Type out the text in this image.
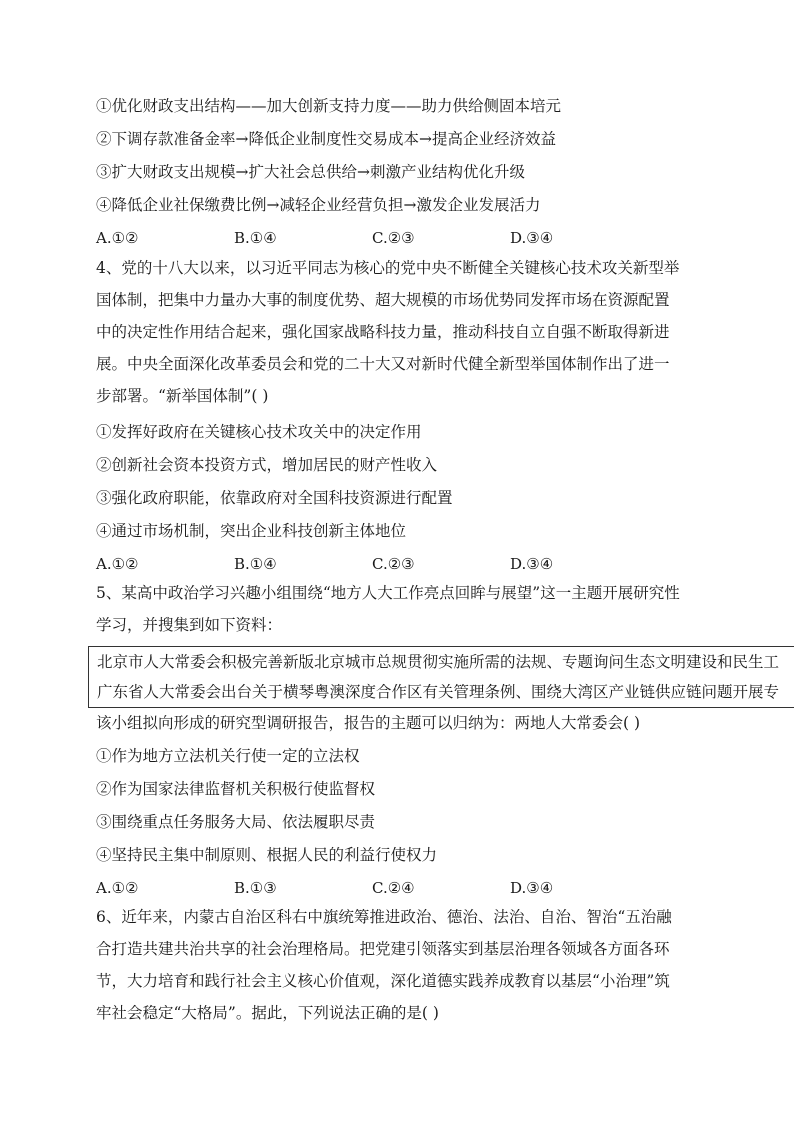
①优化财政支出结构——加大创新支持力度——助力供给侧固本培元
②下调存款准备金率→降低企业制度性交易成本→提高企业经济效益
③扩大财政支出规模→扩大社会总供给→刺激产业结构优化升级
④降低企业社保缴费比例→减轻企业经营负担→激发企业发展活力
A.①②	B.①④	C.②③	D.③④
4、党的十八大以来，以习近平同志为核心的党中央不断健全关键核心技术攻关新型举
国体制，把集中力量办大事的制度优势、超大规模的市场优势同发挥市场在资源配置
中的决定性作用结合起来，强化国家战略科技力量，推动科技自立自强不断取得新进
展。中央全面深化改革委员会和党的二十大又对新时代健全新型举国体制作出了进一
步部署。“新举国体制”( )
①发挥好政府在关键核心技术攻关中的决定作用
②创新社会资本投资方式，增加居民的财产性收入
③强化政府职能，依靠政府对全国科技资源进行配置
④通过市场机制，突出企业科技创新主体地位
A.①②	B.①④	C.②③	D.③④
5、某高中政治学习兴趣小组围绕“地方人大工作亮点回眸与展望”这一主题开展研究性
学习，并搜集到如下资料：
北京市人大常委会积极完善新版北京城市总规贯彻实施所需的法规、专题询问生态文明建设和民生工
广东省人大常委会出台关于横琴粤澳深度合作区有关管理条例、围绕大湾区产业链供应链问题开展专
该小组拟向形成的研究型调研报告，报告的主题可以归纳为：两地人大常委会( )
①作为地方立法机关行使一定的立法权
②作为国家法律监督机关积极行使监督权
③围绕重点任务服务大局、依法履职尽责
④坚持民主集中制原则、根据人民的利益行使权力
A.①②	B.①③	C.②④	D.③④
6、近年来，内蒙古自治区科右中旗统筹推进政治、德治、法治、自治、智治“五治融
合打造共建共治共享的社会治理格局。把党建引领落实到基层治理各领域各方面各环
节，大力培育和践行社会主义核心价值观，深化道德实践养成教育以基层“小治理”筑
牢社会稳定“大格局”。据此，下列说法正确的是( )
